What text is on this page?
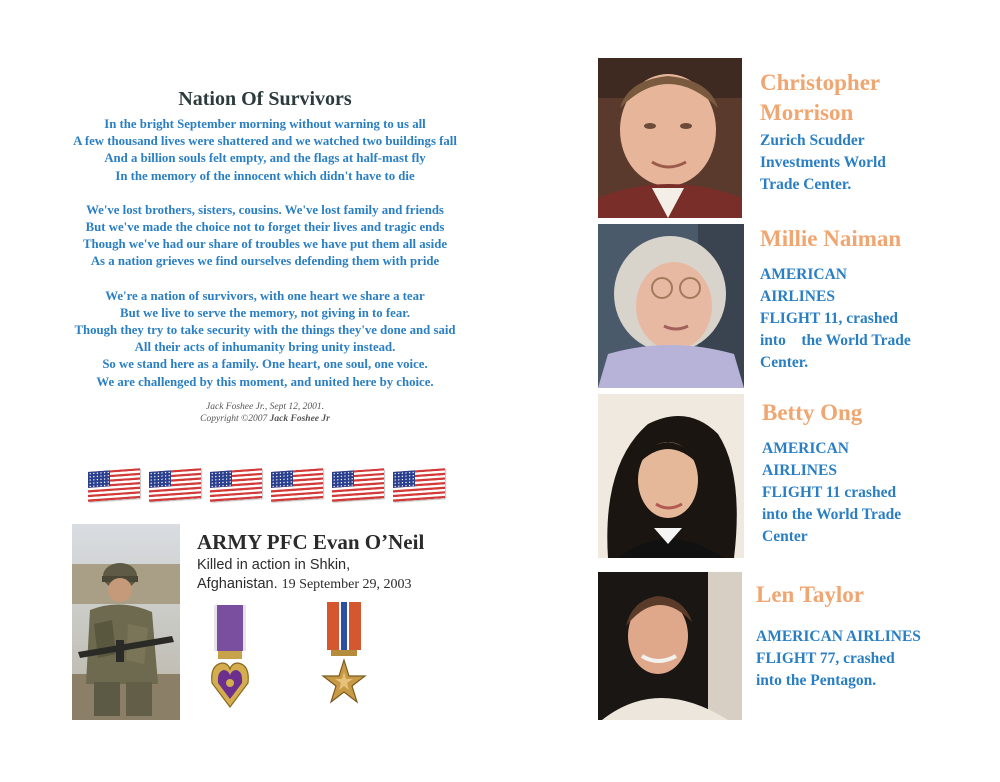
Nation Of Survivors
In the bright September morning without warning to us all
A few thousand lives were shattered and we watched two buildings fall
And a billion souls felt empty, and the flags at half-mast fly
In the memory of the innocent which didn't have to die
We've lost brothers, sisters, cousins. We've lost family and friends
But we've made the choice not to forget their lives and tragic ends
Though we've had our share of troubles we have put them all aside
As a nation grieves we find ourselves defending them with pride
We're a nation of survivors, with one heart we share a tear
But we live to serve the memory, not giving in to fear.
Though they try to take security with the things they've done and said
All their acts of inhumanity bring unity instead.
So we stand here as a family. One heart, one soul, one voice.
We are challenged by this moment, and united here by choice.
Jack Foshee Jr., Sept 12, 2001.
Copyright ©2007 Jack Foshee Jr
ARMY PFC Evan O’Neil
Killed in action in Shkin,
Afghanistan. 19 September 29, 2003
Christopher
Morrison
Zurich Scudder
Investments World
Trade Center.
Millie Naiman
AMERICAN
AIRLINES
FLIGHT 11, crashed
into    the World Trade
Center.
Betty Ong
AMERICAN
AIRLINES
FLIGHT 11 crashed
into the World Trade
Center
Len Taylor
AMERICAN AIRLINES
FLIGHT 77, crashed
into the Pentagon.
